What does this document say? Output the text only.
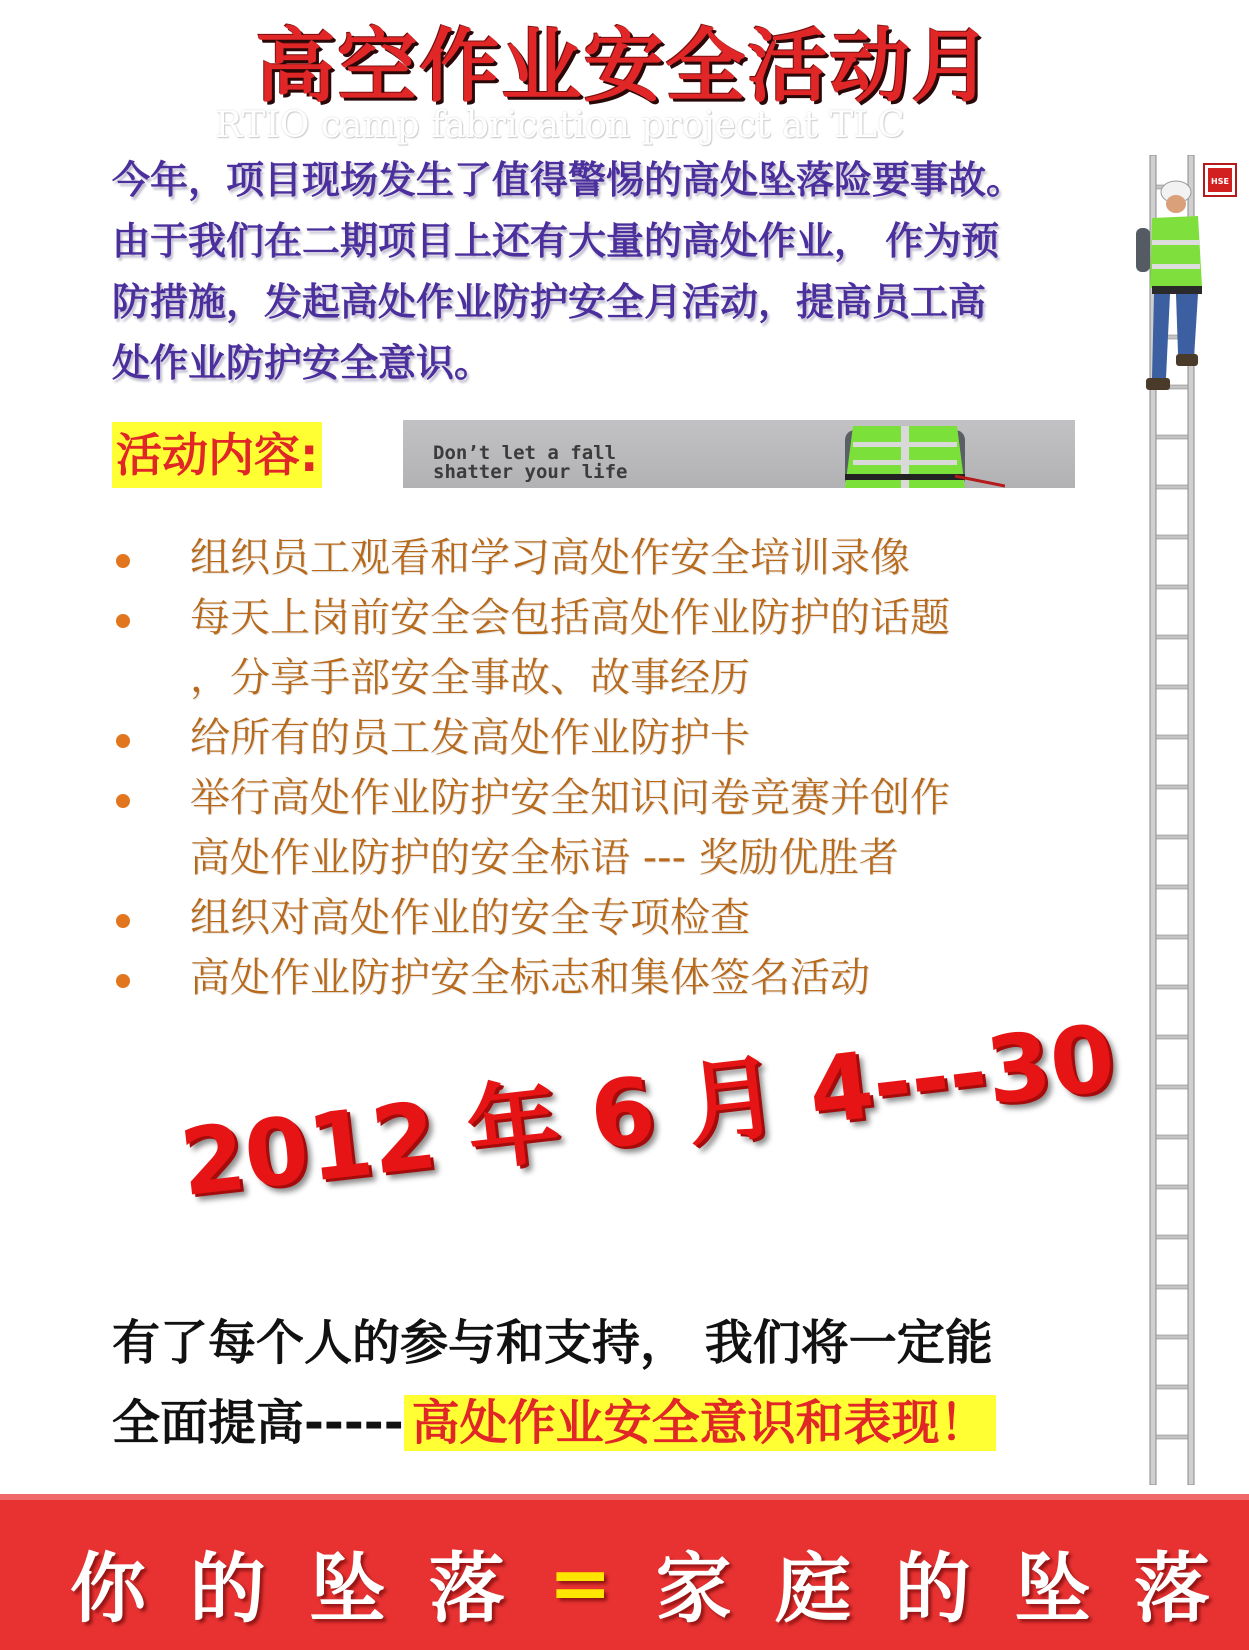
高空作业安全活动月
RTIO camp fabrication project at TLC

今年，项目现场发生了值得警惕的高处坠落险要事故。

由于我们在二期项目上还有大量的高处作业， 作为预

防措施，发起高处作业防护安全月活动，提高员工高

处作业防护安全意识。

活动内容:	Don’t let a fall
shatter your life
组织员工观看和学习高处作安全培训录像
每天上岗前安全会包括高处作业防护的话题
，分享手部安全事故、故事经历
给所有的员工发高处作业防护卡
举行高处作业防护安全知识问卷竞赛并创作
高处作业防护的安全标语 --- 奖励优胜者
组织对高处作业的安全专项检查
高处作业防护安全标志和集体签名活动
2012 年 6 月 4---30

有了每个人的参与和支持， 我们将一定能

全面提高----- 高处作业安全意识和表现！

HSE
你 的 坠 落 = 家 庭 的 坠 落
